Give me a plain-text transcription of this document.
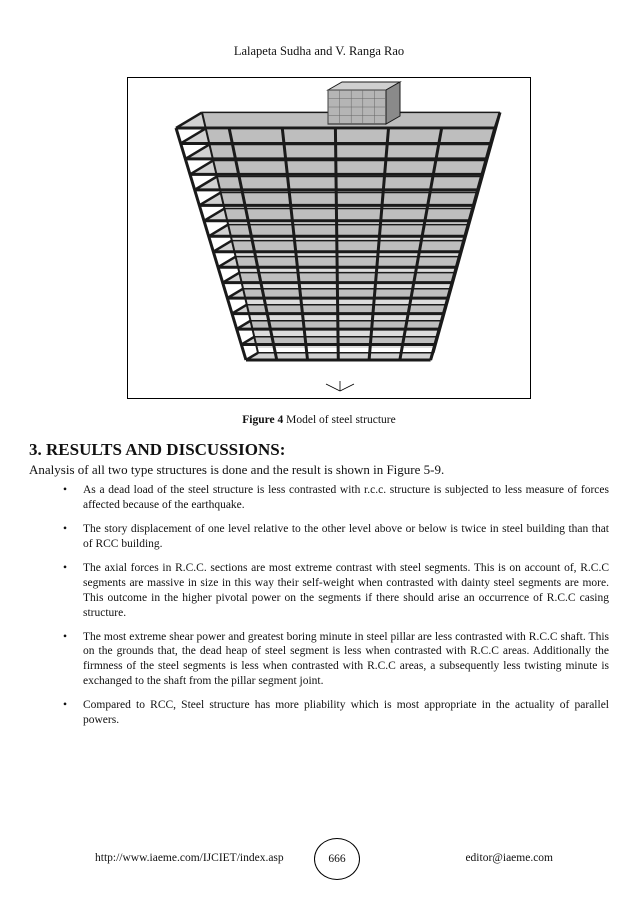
Lalapeta Sudha and V. Ranga Rao
Figure 4 Model of steel structure
3. RESULTS AND DISCUSSIONS:

Analysis of all two type structures is done and the result is shown in Figure 5-9.

• As a dead load of the steel structure is less contrasted with r.c.c. structure is subjected to less measure of forces affected because of the earthquake.
• The story displacement of one level relative to the other level above or below is twice in steel building than that of RCC building.
• The axial forces in R.C.C. sections are most extreme contrast with steel segments. This is on account of, R.C.C segments are massive in size in this way their self-weight when contrasted with dainty steel segments are more. This outcome in the higher pivotal power on the segments if there should arise an occurrence of R.C.C casing structure.
• The most extreme shear power and greatest boring minute in steel pillar are less contrasted with R.C.C shaft. This on the grounds that, the dead heap of steel segment is less when contrasted with R.C.C areas. Additionally the firmness of the steel segments is less when contrasted with R.C.C areas, a subsequently less twisting minute is exchanged to the shaft from the pillar segment joint.
• Compared to RCC, Steel structure has more pliability which is most appropriate in the actuality of parallel powers.
http://www.iaeme.com/IJCIET/index.asp	666	editor@iaeme.com
